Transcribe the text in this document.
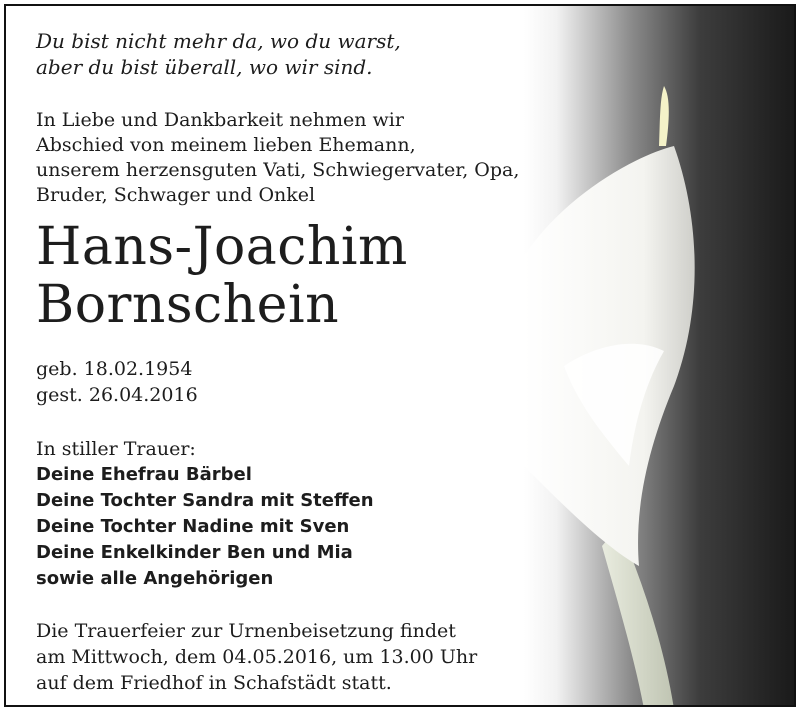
Du bist nicht mehr da, wo du warst,
aber du bist überall, wo wir sind.
In Liebe und Dankbarkeit nehmen wir
Abschied von meinem lieben Ehemann,
unserem herzensguten Vati, Schwiegervater, Opa,
Bruder, Schwager und Onkel
Hans-Joachim
Bornschein
geb. 18.02.1954
gest. 26.04.2016
In stiller Trauer:
Deine Ehefrau Bärbel
Deine Tochter Sandra mit Steffen
Deine Tochter Nadine mit Sven
Deine Enkelkinder Ben und Mia
sowie alle Angehörigen
Die Trauerfeier zur Urnenbeisetzung findet
am Mittwoch, dem 04.05.2016, um 13.00 Uhr
auf dem Friedhof in Schafstädt statt.
